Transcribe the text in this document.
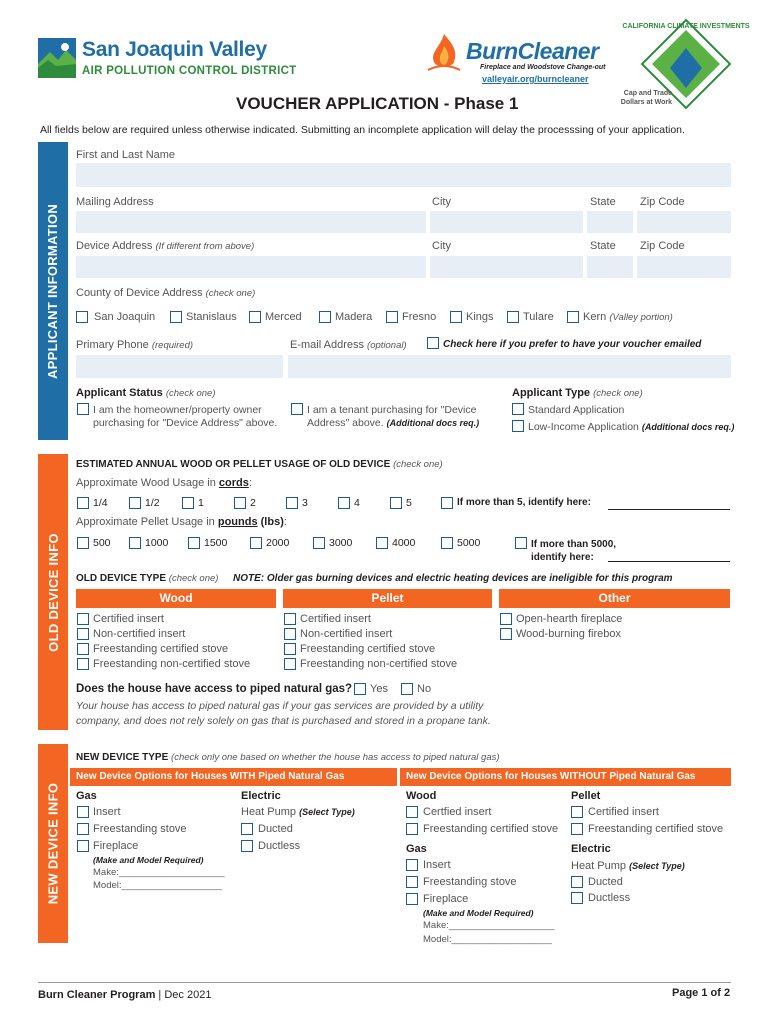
San Joaquin Valley
AIR POLLUTION CONTROL DISTRICT
BurnCleaner
Fireplace and Woodstove Change-out
valleyair.org/burncleaner
CALIFORNIA CLIMATE INVESTMENTS
Cap and Trade
Dollars at Work
VOUCHER APPLICATION - Phase 1
All fields below are required unless otherwise indicated. Submitting an incomplete application will delay the processsing of your application.
APPLICANT INFORMATION
First and Last Name
Mailing Address	City	State Zip Code
Device Address (If different from above)	City	State Zip Code
County of Device Address (check one)
San Joaquin	Stanislaus	Merced	Madera	Fresno	Kings	Tulare	Kern (Valley portion)
Primary Phone (required)	E-mail Address (optional)	Check here if you prefer to have your voucher emailed
Applicant Status (check one)
I am the homeowner/property owner
purchasing for "Device Address" above.
I am a tenant purchasing for "Device
Address" above. (Additional docs req.)
Applicant Type (check one)
Standard Application
Low-Income Application (Additional docs req.)
OLD DEVICE INFO
ESTIMATED ANNUAL WOOD OR PELLET USAGE OF OLD DEVICE (check one)
Approximate Wood Usage in cords:
1/4	1/2	1	2	3	4	5	If more than 5, identify here:
Approximate Pellet Usage in pounds (lbs):
500	1000	1500	2000	3000	4000	5000	If more than 5000,
identify here:
OLD DEVICE TYPE (check one) NOTE: Older gas burning devices and electric heating devices are ineligible for this program
Wood	Pellet	Other
Certified insert
Non-certified insert
Freestanding certified stove
Freestanding non-certified stove
Certified insert
Non-certified insert
Freestanding certified stove
Freestanding non-certified stove
Open-hearth fireplace
Wood-burning firebox
Does the house have access to piped natural gas? Yes	No
Your house has access to piped natural gas if your gas services are provided by a utility
company, and does not rely solely on gas that is purchased and stored in a propane tank.
NEW DEVICE INFO
NEW DEVICE TYPE (check only one based on whether the house has access to piped natural gas)
New Device Options for Houses WITH Piped Natural Gas	New Device Options for Houses WITHOUT Piped Natural Gas
Gas
Insert
Freestanding stove
Fireplace
(Make and Model Required)
Make:____________________
Model:___________________
Electric
Heat Pump (Select Type)
Ducted
Ductless
Wood
Certfied insert
Freestanding certified stove
Gas
Insert
Freestanding stove
Fireplace
(Make and Model Required)
Make:____________________
Model:___________________
Pellet
Certified insert
Freestanding certified stove
Electric
Heat Pump (Select Type)
Ducted
Ductless
Burn Cleaner Program | Dec 2021	Page 1 of 2
